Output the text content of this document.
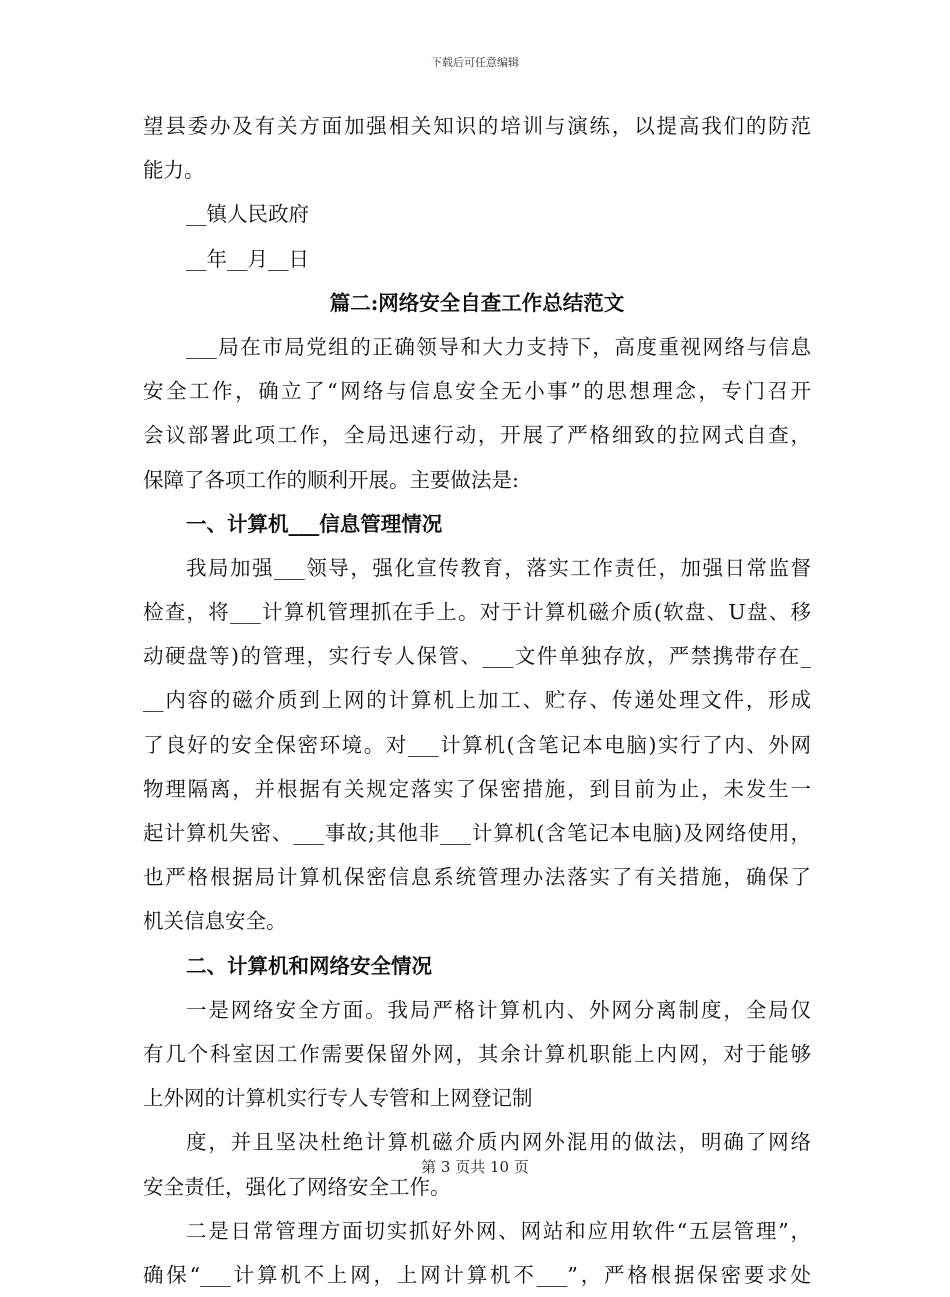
下载后可任意编辑
望县委办及有关方面加强相关知识的培训与演练，以提高我们的防范
能力。
__镇人民政府
__年__月__日
篇二:网络安全自查工作总结范文
___局在市局党组的正确领导和大力支持下，高度重视网络与信息
安全工作，确立了“网络与信息安全无小事”的思想理念，专门召开
会议部署此项工作，全局迅速行动，开展了严格细致的拉网式自查，
保障了各项工作的顺利开展。主要做法是:
一、计算机___信息管理情况
我局加强___领导，强化宣传教育，落实工作责任，加强日常监督
检查，将___计算机管理抓在手上。对于计算机磁介质(软盘、U盘、移
动硬盘等)的管理，实行专人保管、___文件单独存放，严禁携带存在_
__内容的磁介质到上网的计算机上加工、贮存、传递处理文件，形成
了良好的安全保密环境。对___计算机(含笔记本电脑)实行了内、外网
物理隔离，并根据有关规定落实了保密措施，到目前为止，未发生一
起计算机失密、___事故;其他非___计算机(含笔记本电脑)及网络使用，
也严格根据局计算机保密信息系统管理办法落实了有关措施，确保了
机关信息安全。
二、计算机和网络安全情况
一是网络安全方面。我局严格计算机内、外网分离制度，全局仅
有几个科室因工作需要保留外网，其余计算机职能上内网，对于能够
上外网的计算机实行专人专管和上网登记制
度，并且坚决杜绝计算机磁介质内网外混用的做法，明确了网络
安全责任，强化了网络安全工作。
二是日常管理方面切实抓好外网、网站和应用软件“五层管理”，
确保“___计算机不上网，上网计算机不___”，严格根据保密要求处
第 3 页共 10 页
